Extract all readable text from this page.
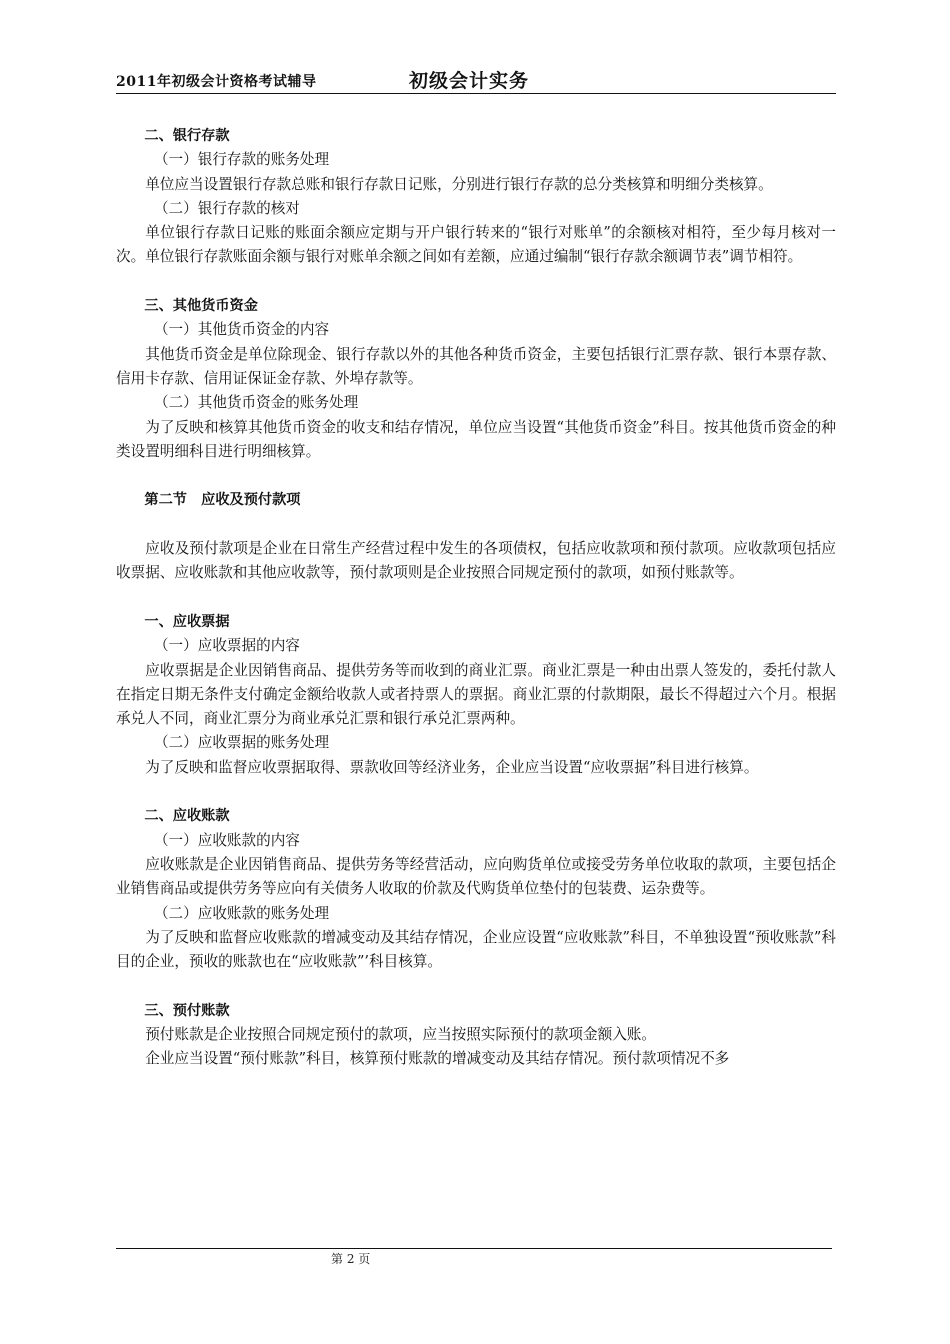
2011年初级会计资格考试辅导	初级会计实务

二、银行存款

（一）银行存款的账务处理

单位应当设置银行存款总账和银行存款日记账，分别进行银行存款的总分类核算和明细分类核算。

（二）银行存款的核对

单位银行存款日记账的账面余额应定期与开户银行转来的“银行对账单”的余额核对相符，至少每月核对一次。单位银行存款账面余额与银行对账单余额之间如有差额，应通过编制“银行存款余额调节表”调节相符。

三、其他货币资金

（一）其他货币资金的内容

其他货币资金是单位除现金、银行存款以外的其他各种货币资金，主要包括银行汇票存款、银行本票存款、信用卡存款、信用证保证金存款、外埠存款等。

（二）其他货币资金的账务处理

为了反映和核算其他货币资金的收支和结存情况，单位应当设置“其他货币资金”科目。按其他货币资金的种类设置明细科目进行明细核算。

第二节　应收及预付款项

应收及预付款项是企业在日常生产经营过程中发生的各项债权，包括应收款项和预付款项。应收款项包括应收票据、应收账款和其他应收款等，预付款项则是企业按照合同规定预付的款项，如预付账款等。

一、应收票据

（一）应收票据的内容

应收票据是企业因销售商品、提供劳务等而收到的商业汇票。商业汇票是一种由出票人签发的，委托付款人在指定日期无条件支付确定金额给收款人或者持票人的票据。商业汇票的付款期限，最长不得超过六个月。根据承兑人不同，商业汇票分为商业承兑汇票和银行承兑汇票两种。

（二）应收票据的账务处理

为了反映和监督应收票据取得、票款收回等经济业务，企业应当设置“应收票据”科目进行核算。

二、应收账款

（一）应收账款的内容

应收账款是企业因销售商品、提供劳务等经营活动，应向购货单位或接受劳务单位收取的款项，主要包括企业销售商品或提供劳务等应向有关债务人收取的价款及代购货单位垫付的包装费、运杂费等。

（二）应收账款的账务处理

为了反映和监督应收账款的增减变动及其结存情况，企业应设置“应收账款”科目，不单独设置“预收账款”科目的企业，预收的账款也在“应收账款”’科目核算。

三、预付账款

预付账款是企业按照合同规定预付的款项，应当按照实际预付的款项金额入账。

企业应当设置“预付账款”科目，核算预付账款的增减变动及其结存情况。预付款项情况不多

第 2 页
